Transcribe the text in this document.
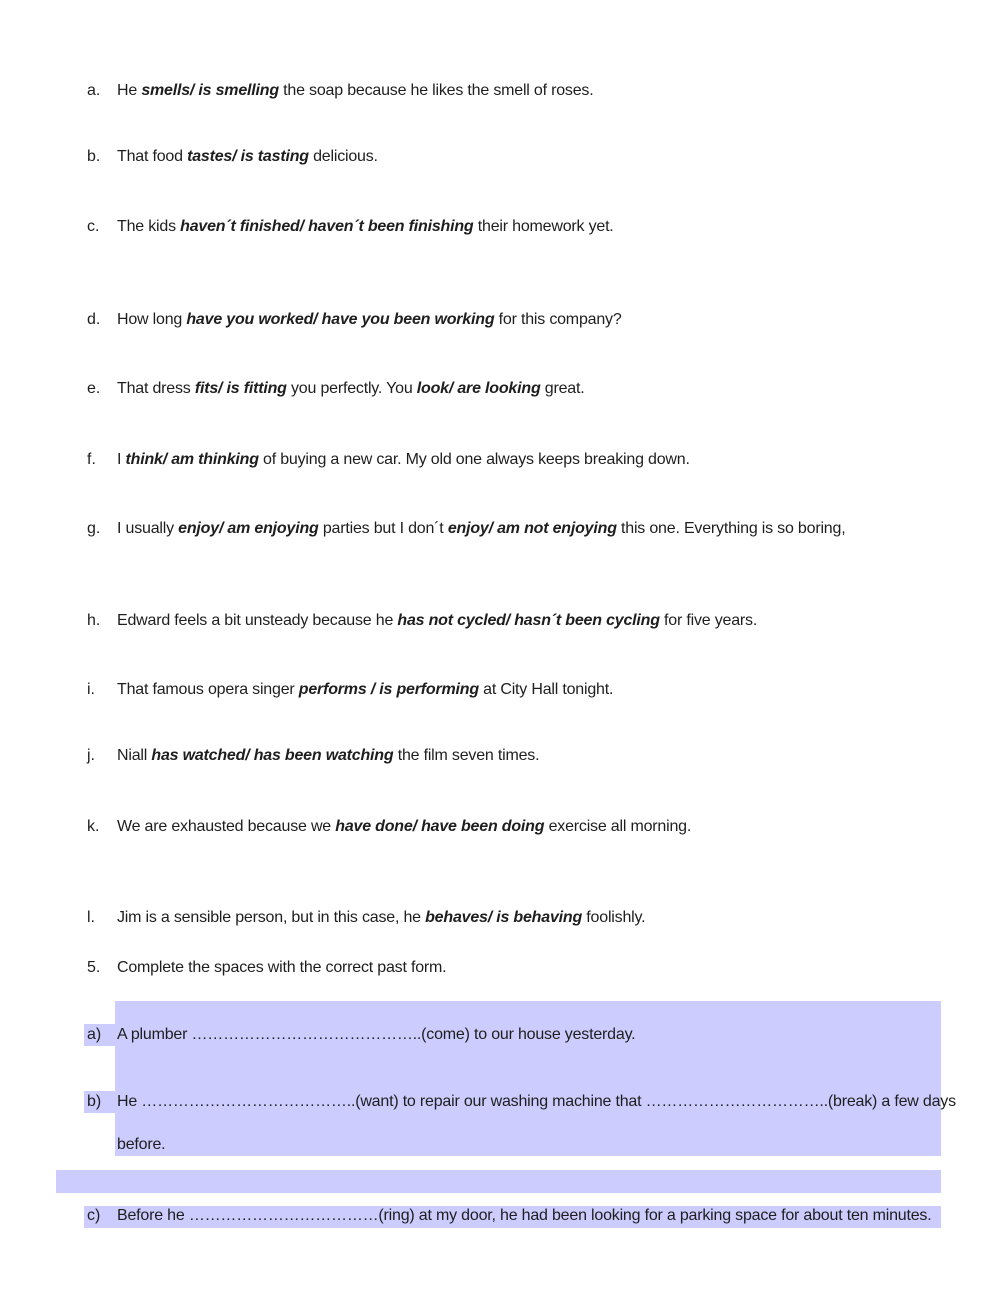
a. He smells/ is smelling the soap because he likes the smell of roses.
b. That food tastes/ is tasting delicious.
c. The kids haven´t finished/ haven´t been finishing their homework yet.
d. How long have you worked/ have you been working for this company?
e. That dress fits/ is fitting you perfectly. You look/ are looking great.
f. I think/ am thinking of buying a new car. My old one always keeps breaking down.
g. I usually enjoy/ am enjoying parties but I don´t enjoy/ am not enjoying this one. Everything is so boring,
h. Edward feels a bit unsteady because he has not cycled/ hasn´t been cycling for five years.
i. That famous opera singer performs / is performing at City Hall tonight.
j. Niall has watched/ has been watching the film seven times.
k. We are exhausted because we have done/ have been doing exercise all morning.
l. Jim is a sensible person, but in this case, he behaves/ is behaving foolishly.
5. Complete the spaces with the correct past form.
a) A plumber ……………………………………..(come) to our house yesterday.
b) He …………………………………..(want) to repair our washing machine that ……………………………..(break) a few days
before.
c) Before he ………………………………(ring) at my door, he had been looking for a parking space for about ten minutes.
